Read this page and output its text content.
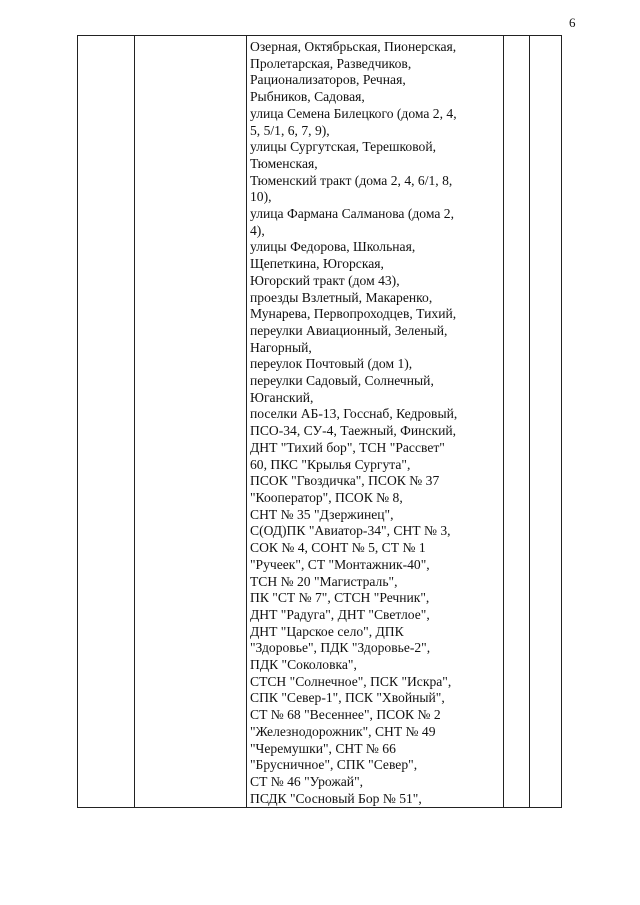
6

Озерная, Октябрьская, Пионерская,
Пролетарская, Разведчиков,
Рационализаторов, Речная,
Рыбников, Садовая,
улица Семена Билецкого (дома 2, 4,
5, 5/1, 6, 7, 9),
улицы Сургутская, Терешковой,
Тюменская,
Тюменский тракт (дома 2, 4, 6/1, 8,
10),
улица Фармана Салманова (дома 2,
4),
улицы Федорова, Школьная,
Щепеткина, Югорская,
Югорский тракт (дом 43),
проезды Взлетный, Макаренко,
Мунарева, Первопроходцев, Тихий,
переулки Авиационный, Зеленый,
Нагорный,
переулок Почтовый (дом 1),
переулки Садовый, Солнечный,
Юганский,
поселки АБ-13, Госснаб, Кедровый,
ПСО-34, СУ-4, Таежный, Финский,
ДНТ "Тихий бор", ТСН "Рассвет"
60, ПКС "Крылья Сургута",
ПСОК "Гвоздичка", ПСОК № 37
"Кооператор", ПСОК № 8,
СНТ № 35 "Дзержинец",
С(ОД)ПК "Авиатор-34", СНТ № 3,
СОК № 4, СОНТ № 5, СТ № 1
"Ручеек", СТ "Монтажник-40",
ТСН № 20 "Магистраль",
ПК "СТ № 7", СТСН "Речник",
ДНТ "Радуга", ДНТ "Светлое",
ДНТ "Царское село", ДПК
"Здоровье", ПДК "Здоровье-2",
ПДК "Соколовка",
СТСН "Солнечное", ПСК "Искра",
СПК "Север-1", ПСК "Хвойный",
СТ № 68 "Весеннее", ПСОК № 2
"Железнодорожник", СНТ № 49
"Черемушки", СНТ № 66
"Брусничное", СПК "Север",
СТ № 46 "Урожай",
ПСДК "Сосновый Бор № 51",
